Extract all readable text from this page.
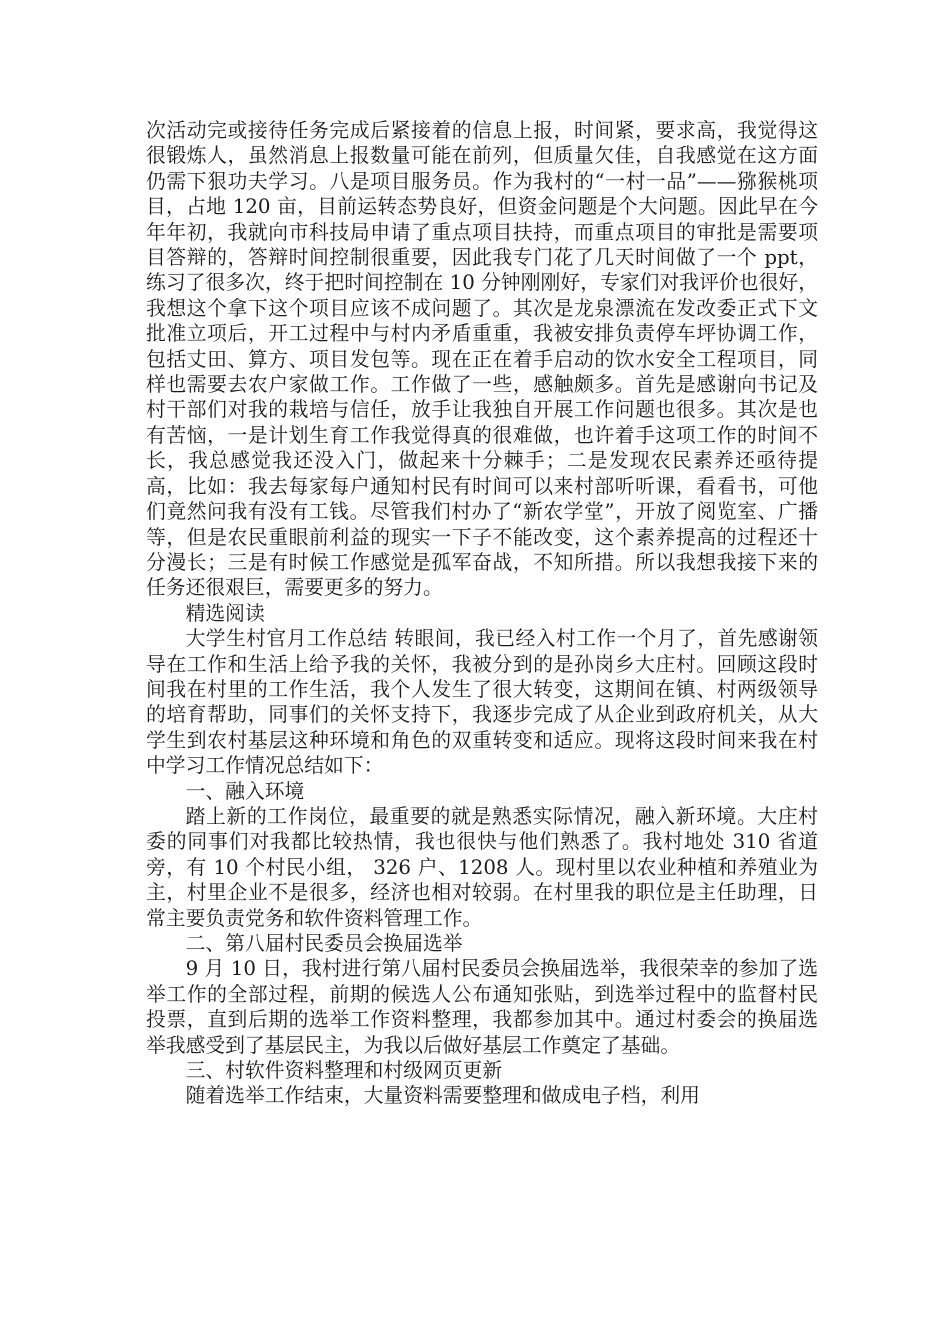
次活动完或接待任务完成后紧接着的信息上报，时间紧，要求高，我觉得这很锻炼人，虽然消息上报数量可能在前列，但质量欠佳，自我感觉在这方面仍需下狠功夫学习。八是项目服务员。作为我村的“一村一品”——猕猴桃项目，占地 120 亩，目前运转态势良好，但资金问题是个大问题。因此早在今年年初，我就向市科技局申请了重点项目扶持，而重点项目的审批是需要项目答辩的，答辩时间控制很重要，因此我专门花了几天时间做了一个 ppt，练习了很多次，终于把时间控制在 10 分钟刚刚好，专家们对我评价也很好，我想这个拿下这个项目应该不成问题了。其次是龙泉漂流在发改委正式下文批准立项后，开工过程中与村内矛盾重重，我被安排负责停车坪协调工作，包括丈田、算方、项目发包等。现在正在着手启动的饮水安全工程项目，同样也需要去农户家做工作。工作做了一些，感触颇多。首先是感谢向书记及村干部们对我的栽培与信任，放手让我独自开展工作问题也很多。其次是也有苦恼，一是计划生育工作我觉得真的很难做，也许着手这项工作的时间不长，我总感觉我还没入门，做起来十分棘手；二是发现农民素养还亟待提高，比如：我去每家每户通知村民有时间可以来村部听听课，看看书，可他们竟然问我有没有工钱。尽管我们村办了“新农学堂”，开放了阅览室、广播等，但是农民重眼前利益的现实一下子不能改变，这个素养提高的过程还十分漫长；三是有时候工作感觉是孤军奋战，不知所措。所以我想我接下来的任务还很艰巨，需要更多的努力。

精选阅读

大学生村官月工作总结 转眼间，我已经入村工作一个月了，首先感谢领导在工作和生活上给予我的关怀，我被分到的是孙岗乡大庄村。回顾这段时间我在村里的工作生活，我个人发生了很大转变，这期间在镇、村两级领导的培育帮助，同事们的关怀支持下，我逐步完成了从企业到政府机关，从大学生到农村基层这种环境和角色的双重转变和适应。现将这段时间来我在村中学习工作情况总结如下：

一、融入环境

踏上新的工作岗位，最重要的就是熟悉实际情况，融入新环境。大庄村委的同事们对我都比较热情，我也很快与他们熟悉了。我村地处 310 省道旁，有 10 个村民小组， 326 户、1208 人。现村里以农业种植和养殖业为主，村里企业不是很多，经济也相对较弱。在村里我的职位是主任助理，日常主要负责党务和软件资料管理工作。

二、第八届村民委员会换届选举

9 月 10 日，我村进行第八届村民委员会换届选举，我很荣幸的参加了选举工作的全部过程，前期的候选人公布通知张贴，到选举过程中的监督村民投票，直到后期的选举工作资料整理，我都参加其中。通过村委会的换届选举我感受到了基层民主，为我以后做好基层工作奠定了基础。

三、村软件资料整理和村级网页更新

随着选举工作结束，大量资料需要整理和做成电子档，利用
